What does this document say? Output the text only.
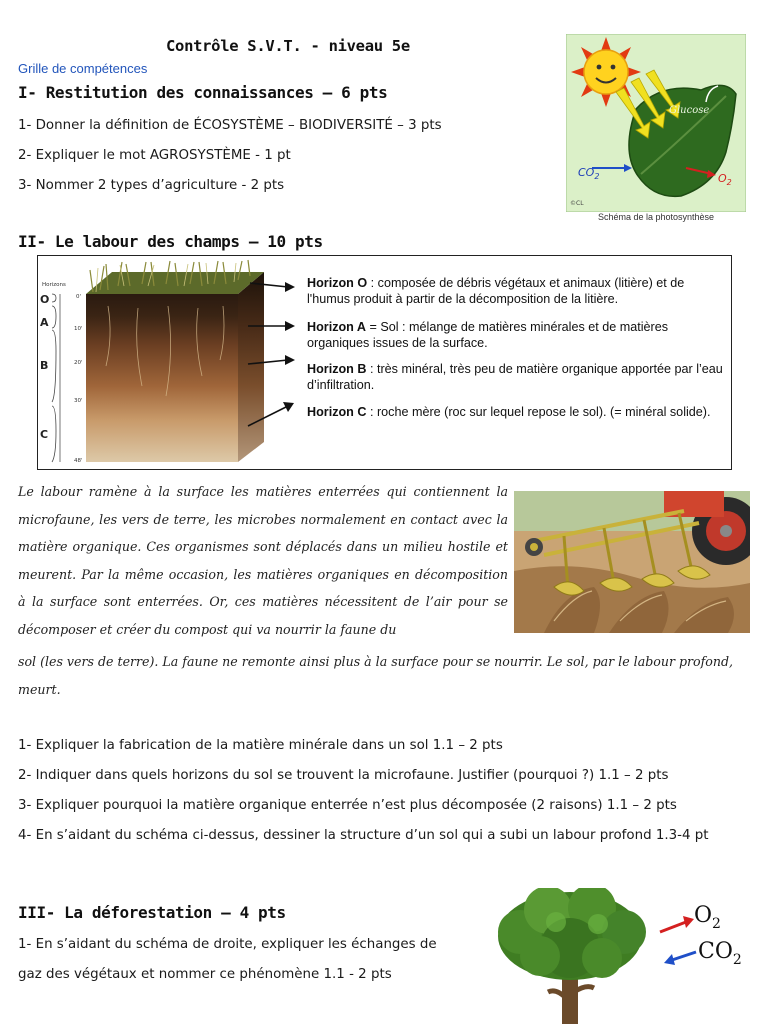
Contrôle S.V.T. - niveau 5e
Grille de compétences
I- Restitution des connaissances – 6 pts
1- Donner la définition de ÉCOSYSTÈME – BIODIVERSITÉ – 3 pts
2- Expliquer le mot AGROSYSTÈME - 1 pt
3- Nommer 2 types d’agriculture - 2 pts
Glucose
$CO_2$	$O_2$
©CL
Schéma de la photosynthèse
II- Le labour des champs – 10 pts
0'
10'
20'
30'
48'
Horizons
O
A
B
C
Horizon O : composée de débris végétaux et animaux (litière) et de l'humus produit à partir de la décomposition de la litière.
Horizon A = Sol : mélange de matières minérales et de matières organiques issues de la surface.
Horizon B : très minéral, très peu de matière organique apportée par l’eau d’infiltration.
Horizon C : roche mère (roc sur lequel repose le sol). (= minéral solide).
Le labour ramène à la surface les matières enterrées qui contiennent la microfaune, les vers de terre, les microbes normalement en contact avec la matière organique. Ces organismes sont déplacés dans un milieu hostile et meurent. Par la même occasion, les matières organiques en décomposition à la surface sont enterrées. Or, ces matières nécessitent de l’air pour se décomposer et créer du compost qui va nourrir la faune du
sol (les vers de terre). La faune ne remonte ainsi plus à la surface pour se nourrir. Le sol, par le labour profond, meurt.
1- Expliquer la fabrication de la matière minérale dans un sol 1.1 – 2 pts
2- Indiquer dans quels horizons du sol se trouvent la microfaune. Justifier (pourquoi ?) 1.1 – 2 pts
3- Expliquer pourquoi la matière organique enterrée n’est plus décomposée (2 raisons) 1.1 – 2 pts
4- En s’aidant du schéma ci-dessus, dessiner la structure d’un sol qui a subi un labour profond 1.3-4 pt
III- La déforestation – 4 pts
1- En s’aidant du schéma de droite, expliquer les échanges de
gaz des végétaux et nommer ce phénomène 1.1 - 2 pts
$O_2$
$CO_2$
